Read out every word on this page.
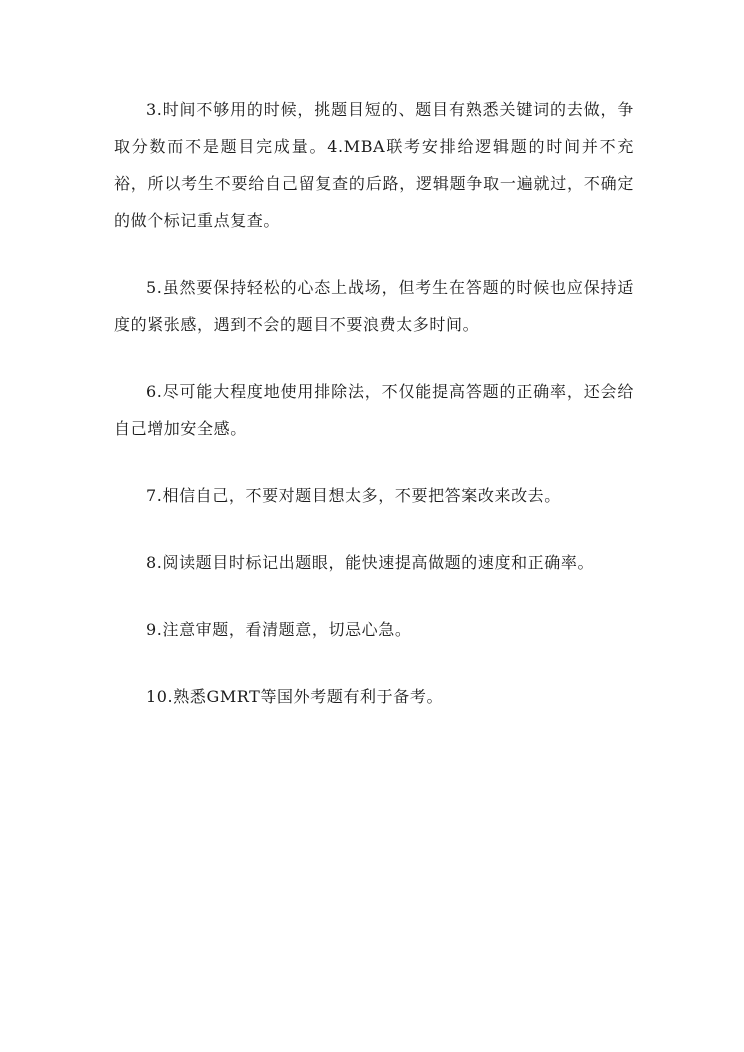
3.时间不够用的时候，挑题目短的、题目有熟悉关键词的去做，争取分数而不是题目完成量。4.MBA联考安排给逻辑题的时间并不充裕，所以考生不要给自己留复查的后路，逻辑题争取一遍就过，不确定的做个标记重点复查。

5.虽然要保持轻松的心态上战场，但考生在答题的时候也应保持适度的紧张感，遇到不会的题目不要浪费太多时间。

6.尽可能大程度地使用排除法，不仅能提高答题的正确率，还会给自己增加安全感。

7.相信自己，不要对题目想太多，不要把答案改来改去。

8.阅读题目时标记出题眼，能快速提高做题的速度和正确率。

9.注意审题，看清题意，切忌心急。

10.熟悉GMRT等国外考题有利于备考。
